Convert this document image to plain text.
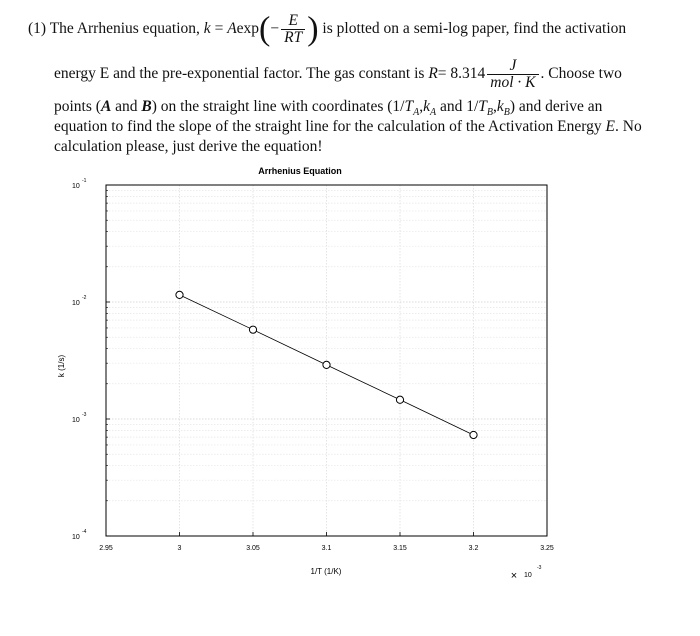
(1) The Arrhenius equation, $k = Aexp(- \frac{E}{RT}$ ) is plotted on a semi-log paper, find the activation
energy E and the pre-exponential factor. The gas constant is $R= 8.314 \frac{J}{\text{mol · K}}$ . Choose two
points (A and B) on the straight line with coordinates ($1/T_A,k_A$ and $1/T_B,k_B$) and derive an
equation to find the slope of the straight line for the calculation of the Activation Energy E. No
calculation please, just derive the equation!
2.95	3	3.05	3.1	3.15	3.2	3.25
10
-1
10
-2
10
-3
10
-4
Arrhenius Equation
1/T (1/K)
k (1/s)
× 10
-3
